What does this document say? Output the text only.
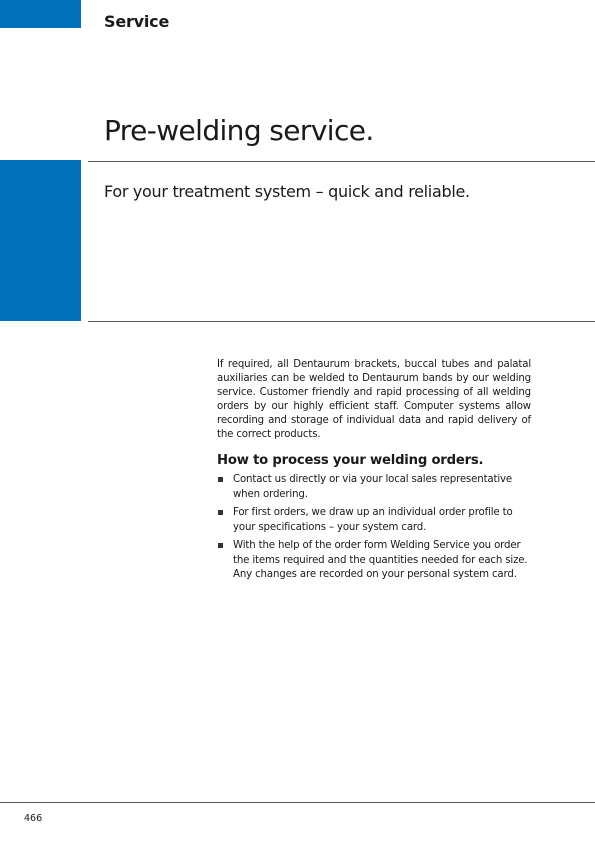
Service
Pre-welding service.
For your treatment system – quick and reliable.

If required, all Dentaurum brackets, buccal tubes and palatal auxiliaries can be welded to Dentaurum bands by our welding service. Customer friendly and rapid processing of all welding orders by our highly efficient staff. Computer systems allow recording and storage of individual data and rapid delivery of the correct products.

How to process your welding orders.
Contact us directly or via your local sales representative when ordering.
For first orders, we draw up an individual order profile to your specifications – your system card.
With the help of the order form Welding Service you order the items required and the quantities needed for each size. Any changes are recorded on your personal system card.
466
